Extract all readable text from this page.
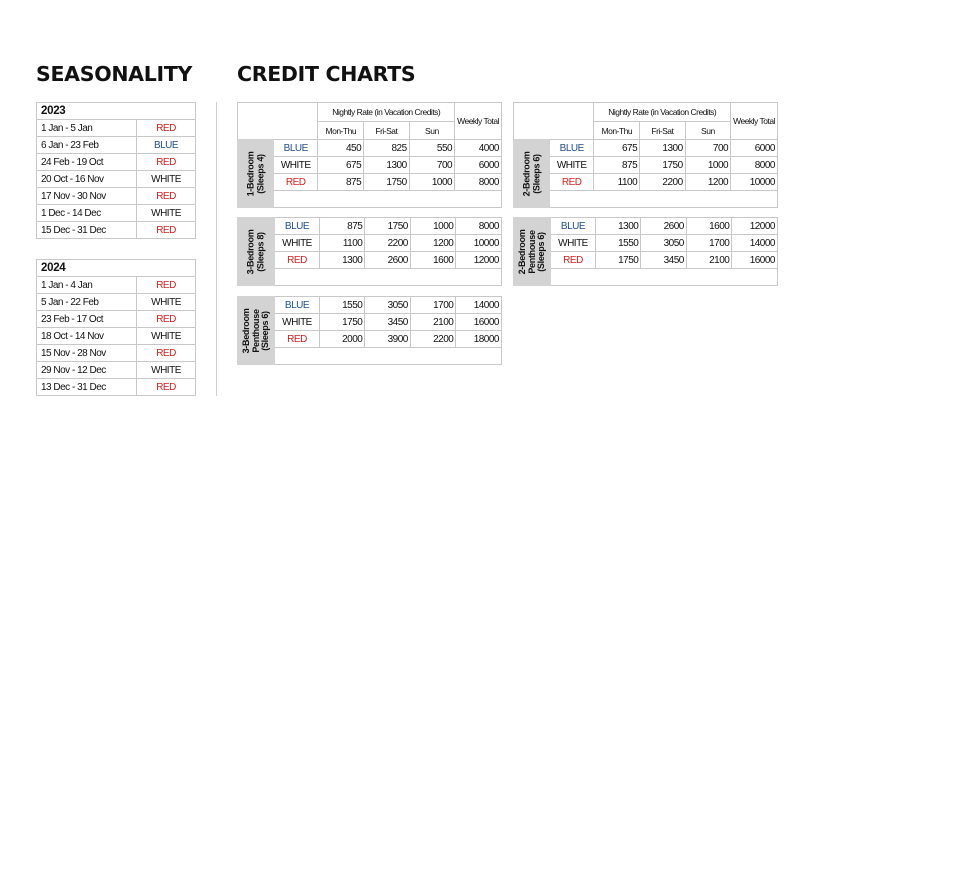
SEASONALITY CREDIT CHARTS
2023	
1 Jan - 5 Jan	RED
6 Jan - 23 Feb	BLUE
24 Feb - 19 Oct	RED
20 Oct - 16 Nov	WHITE
17 Nov - 30 Nov	RED
1 Dec - 14 Dec	WHITE
15 Dec - 31 Dec	RED
2024	
1 Jan - 4 Jan	RED
5 Jan - 22 Feb	WHITE
23 Feb - 17 Oct	RED
18 Oct - 14 Nov	WHITE
15 Nov - 28 Nov	RED
29 Nov - 12 Dec	WHITE
13 Dec - 31 Dec	RED
		Nightly Rate (in Vacation Credits)			Weekly Total
		Mon-Thu	Fri-Sat	Sun	

1-Bedroom
(Sleeps 4)	BLUE	450	825	550	4000
	WHITE	675	1300	700	6000
	RED	875	1750	1000	8000

3-Bedroom
(Sleeps 8)	BLUE	875	1750	1000	8000
	WHITE	1100	2200	1200	10000
	RED	1300	2600	1600	12000

3-Bedroom
Penthouse
(Sleeps 6)	BLUE	1550	3050	1700	14000
	WHITE	1750	3450	2100	16000
	RED	2000	3900	2200	18000

		Nightly Rate (in Vacation Credits)			Weekly Total
		Mon-Thu	Fri-Sat	Sun	

2-Bedroom
(Sleeps 6)	BLUE	675	1300	700	6000
	WHITE	875	1750	1000	8000
	RED	1100	2200	1200	10000

2-Bedroom
Penthouse
(Sleeps 6)	BLUE	1300	2600	1600	12000
	WHITE	1550	3050	1700	14000
	RED	1750	3450	2100	16000
